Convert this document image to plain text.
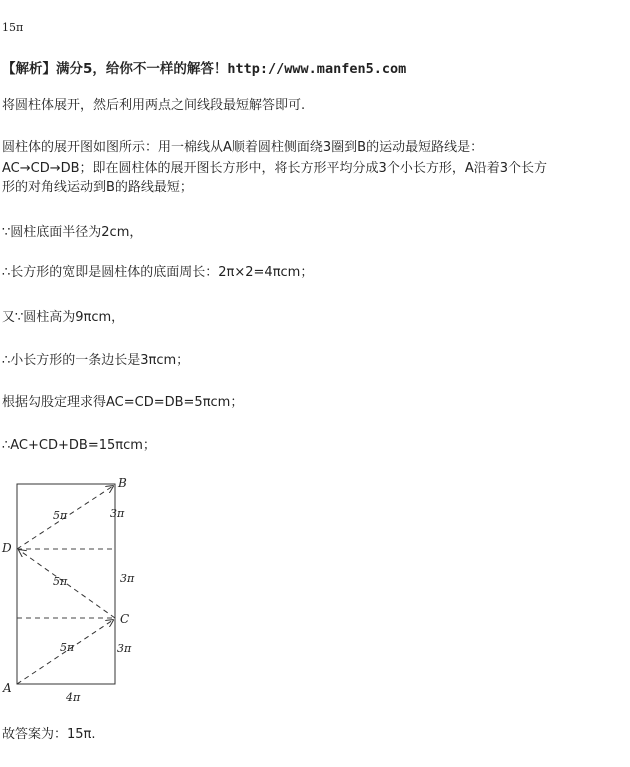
15π
【解析】满分5，给你不一样的解答！http://www.manfen5.com
将圆柱体展开，然后利用两点之间线段最短解答即可.
圆柱体的展开图如图所示：用一棉线从A顺着圆柱侧面绕3圈到B的运动最短路线是：
AC→CD→DB；即在圆柱体的展开图长方形中，将长方形平均分成3个小长方形，A沿着3个长方
形的对角线运动到B的路线最短；
∵圆柱底面半径为2cm，
∴长方形的宽即是圆柱体的底面周长：2π×2=4πcm；
又∵圆柱高为9πcm，
∴小长方形的一条边长是3πcm；
根据勾股定理求得AC=CD=DB=5πcm；
∴AC+CD+DB=15πcm；
B
D
C
A
5π
5π
5π
3π
3π
3π
4π
故答案为：15π.
